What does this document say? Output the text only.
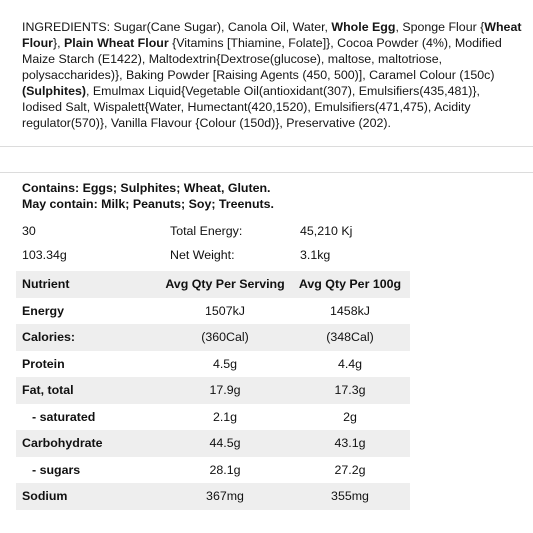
INGREDIENTS: Sugar(Cane Sugar), Canola Oil, Water, Whole Egg, Sponge Flour {Wheat Flour}, Plain Wheat Flour {Vitamins [Thiamine, Folate]}, Cocoa Powder (4%), Modified Maize Starch (E1422), Maltodextrin{Dextrose(glucose), maltose, maltotriose, polysaccharides)}, Baking Powder [Raising Agents (450, 500)], Caramel Colour (150c) (Sulphites), Emulmax Liquid{Vegetable Oil(antioxidant(307), Emulsifiers(435,481)}, Iodised Salt, Wispalett{Water, Humectant(420,1520), Emulsifiers(471,475), Acidity regulator(570)}, Vanilla Flavour {Colour (150d)}, Preservative (202).
Contains: Eggs; Sulphites; Wheat, Gluten.
May contain: Milk; Peanuts; Soy; Treenuts.
30	Total Energy:	45,210 Kj
103.34g	Net Weight:	3.1kg
Nutrient	Avg Qty Per Serving	Avg Qty Per 100g
Energy	1507kJ	1458kJ
Calories:	(360Cal)	(348Cal)
Protein	4.5g	4.4g
Fat, total	17.9g	17.3g
- saturated	2.1g	2g
Carbohydrate	44.5g	43.1g
- sugars	28.1g	27.2g
Sodium	367mg	355mg
